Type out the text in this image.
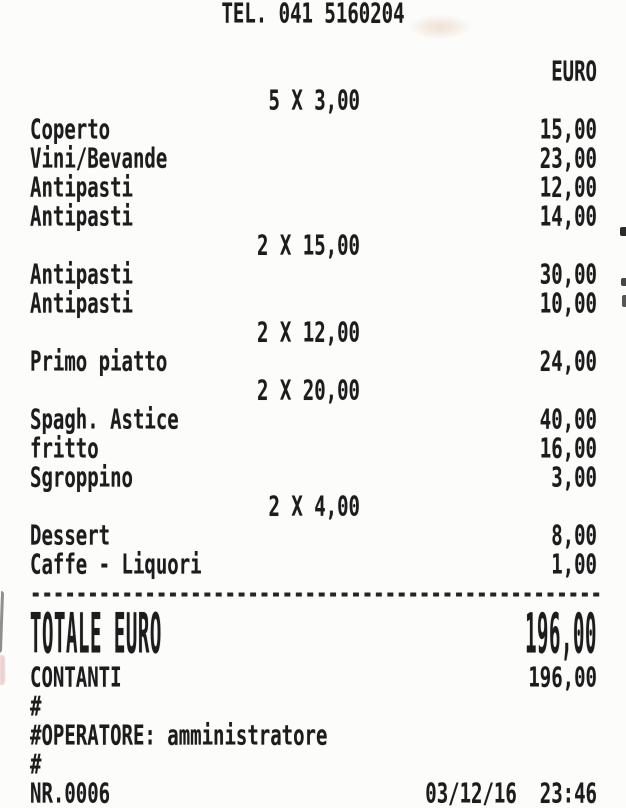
TEL. 041 5160204
EURO
5 X 3,00
Coperto	15,00
Vini/Bevande	23,00
Antipasti	12,00
Antipasti	14,00
2 X 15,00
Antipasti	30,00
Antipasti	10,00
2 X 12,00
Primo piatto	24,00
2 X 20,00
Spagh. Astice	40,00
fritto	16,00
Sgroppino	3,00
2 X 4,00
Dessert	8,00
Caffe - Liquori	1,00
--------------------------------------------------
TOTALE EURO	196,00
CONTANTI	196,00
#
#OPERATORE: amministratore
#
NR.0006	03/12/16 23:46
